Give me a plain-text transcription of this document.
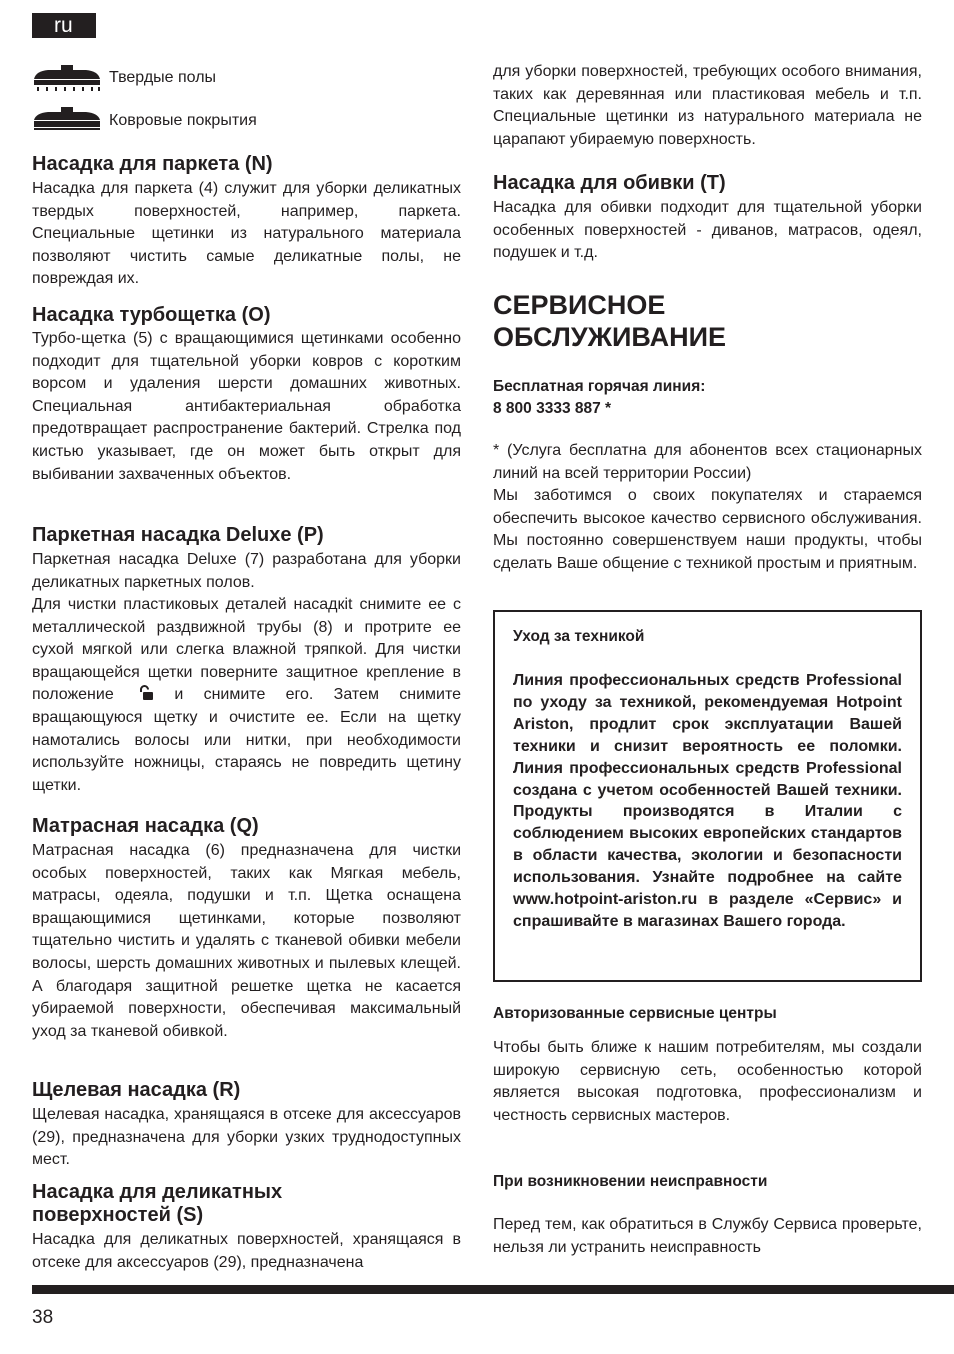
ru
Твердые полы
Ковровые покрытия
Насадка для паркета (N)

Насадка для паркета (4) служит для уборки деликатных твердых поверхностей, например, паркета. Специальные щетинки из натурального материала позволяют чистить самые деликатные полы, не повреждая их.

Насадка турбощетка (O)

Турбо-щетка (5) с вращающимися щетинками особенно подходит для тщательной уборки ковров с коротким ворсом и удаления шерсти домашних животных. Специальная антибактериальная обработка предотвращает распространение бактерий. Стрелка под кистью указывает, где он может быть открыт для выбивании захваченных объектов.

Паркетная насадка Deluxe (P)

Паркетная насадка Deluxe (7) разработана для уборки деликатных паркетных полов.

Для чистки пластиковых деталей насадкit снимите ее с металлической раздвижной трубы (8) и протрите ее сухой мягкой или слегка влажной тряпкой. Для чистки вращающейся щетки поверните защитное крепление в положение	и снимите его. Затем снимите вращающуюся щетку и очистите ее. Если на щетку намотались волосы или нитки, при необходимости используйте ножницы, стараясь не повредить щетину щетки.

Матрасная насадка (Q)

Матрасная насадка (6) предназначена для чистки особых поверхностей, таких как Мягкая мебель, матрасы, одеяла, подушки и т.п. Щетка оснащена вращающимися щетинками, которые позволяют тщательно чистить и удалять с тканевой обивки мебели волосы, шерсть домашних животных и пылевых клещей. А благодаря защитной решетке щетка не касается убираемой поверхности, обеспечивая максимальный уход за тканевой обивкой.

Щелевая насадка (R)

Щелевая насадка, хранящаяся в отсеке для аксессуаров (29), предназначена для уборки узких труднодоступных мест.

Насадка для деликатных
поверхностей (S)

Насадка для деликатных поверхностей, хранящаяся в отсеке для аксессуаров (29), предназначена

для уборки поверхностей, требующих особого внимания, таких как деревянная или пластиковая мебель и т.п. Специальные щетинки из натурального материала не царапают убираемую поверхность.

Насадка для обивки (T)

Насадка для обивки подходит для тщательной уборки особенных поверхностей - диванов, матрасов, одеял, подушек и т.д.

СЕРВИСНОЕ
ОБСЛУЖИВАНИЕ

Бесплатная горячая линия:

8 800 3333 887 *

* (Услуга бесплатна для абонентов всех стационарных линий на всей территории России)

Мы заботимся о своих покупателях и стараемся обеспечить высокое качество сервисного обслуживания. Мы постоянно совершенствуем наши продукты, чтобы сделать Ваше общение с техникой простым и приятным.

Уход за техникой

Линия профессиональных средств Professional по уходу за техникой, рекомендуемая Hotpoint Ariston, продлит срок эксплуатации Вашей техники и снизит вероятность ее поломки. Линия профессиональных средств Professional создана с учетом особенностей Вашей техники. Продукты производятся в Италии с соблюдением высоких европейских стандартов в области качества, экологии и безопасности использования. Узнайте подробнее на сайте www.hotpoint-ariston.ru в разделе «Сервис» и спрашивайте в магазинах Вашего города.

Авторизованные сервисные центры

Чтобы быть ближе к нашим потребителям, мы создали широкую сервисную сеть, особенностью которой является высокая подготовка, профессионализм и честность сервисных мастеров.

При возникновении неисправности

Перед тем, как обратиться в Службу Сервиса проверьте, нельзя ли устранить неисправность

38
